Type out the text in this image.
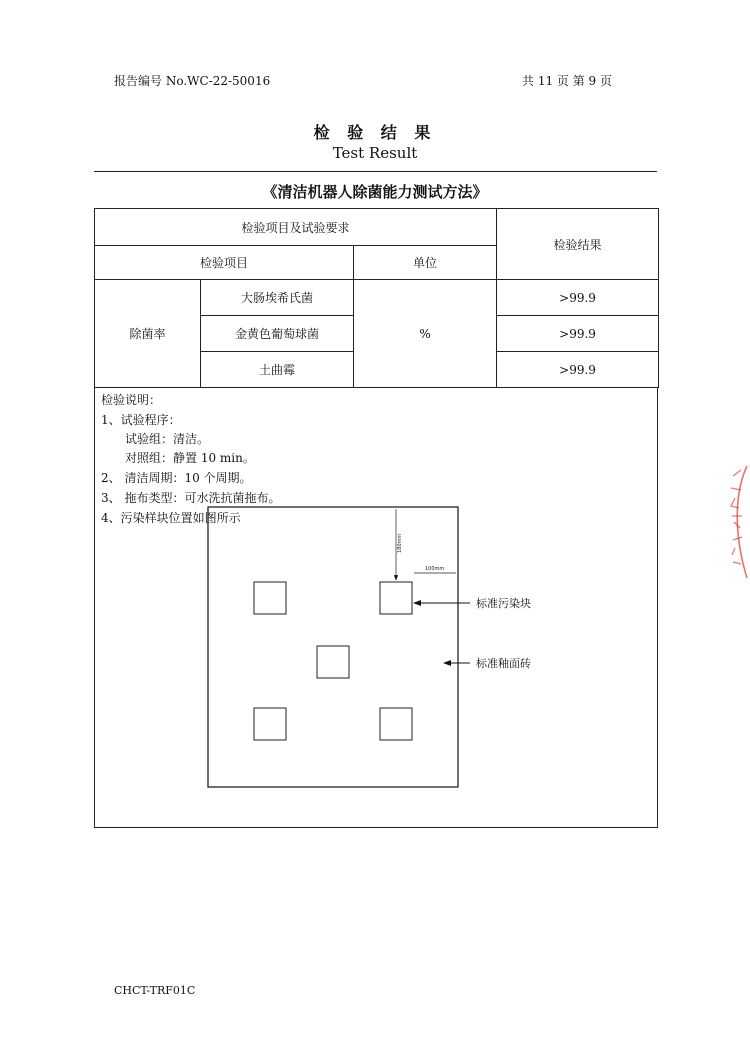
报告编号 No.WC-22-50016	共 11 页 第 9 页
检 验 结 果
Test Result
《清洁机器人除菌能力测试方法》
检验项目及试验要求			检验结果
检验项目		单位	
除菌率	大肠埃希氏菌	%	>99.9
	金黄色葡萄球菌		>99.9
	土曲霉		>99.9
检验说明：
1、试验程序：
试验组：清洁。
对照组：静置 10 min。
2、 清洁周期：10 个周期。
3、 拖布类型：可水洗抗菌拖布。
4、污染样块位置如图所示
180mm
100mm
标准污染块
标准釉面砖
CHCT-TRF01C
